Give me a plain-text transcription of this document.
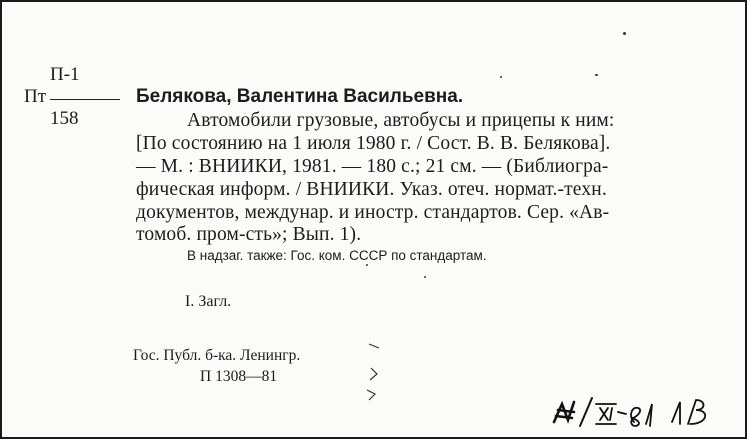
П-1
Пт
158
Белякова, Валентина Васильевна.
Автомобили грузовые, автобусы и прицепы к ним:
[По состоянию на 1 июля 1980 г. / Сост. В. В. Белякова].
— М. : ВНИИКИ, 1981. — 180 с.; 21 см. — (Библиогра-
фическая информ. / ВНИИКИ. Указ. отеч. нормат.-техн.
документов, междунар. и иностр. стандартов. Сер. «Ав-
томоб. пром-сть»; Вып. 1).
В надзаг. также: Гос. ком. СССР по стандартам.
I. Загл.
Гос. Публ. б-ка. Ленингр.
П 1308—81
